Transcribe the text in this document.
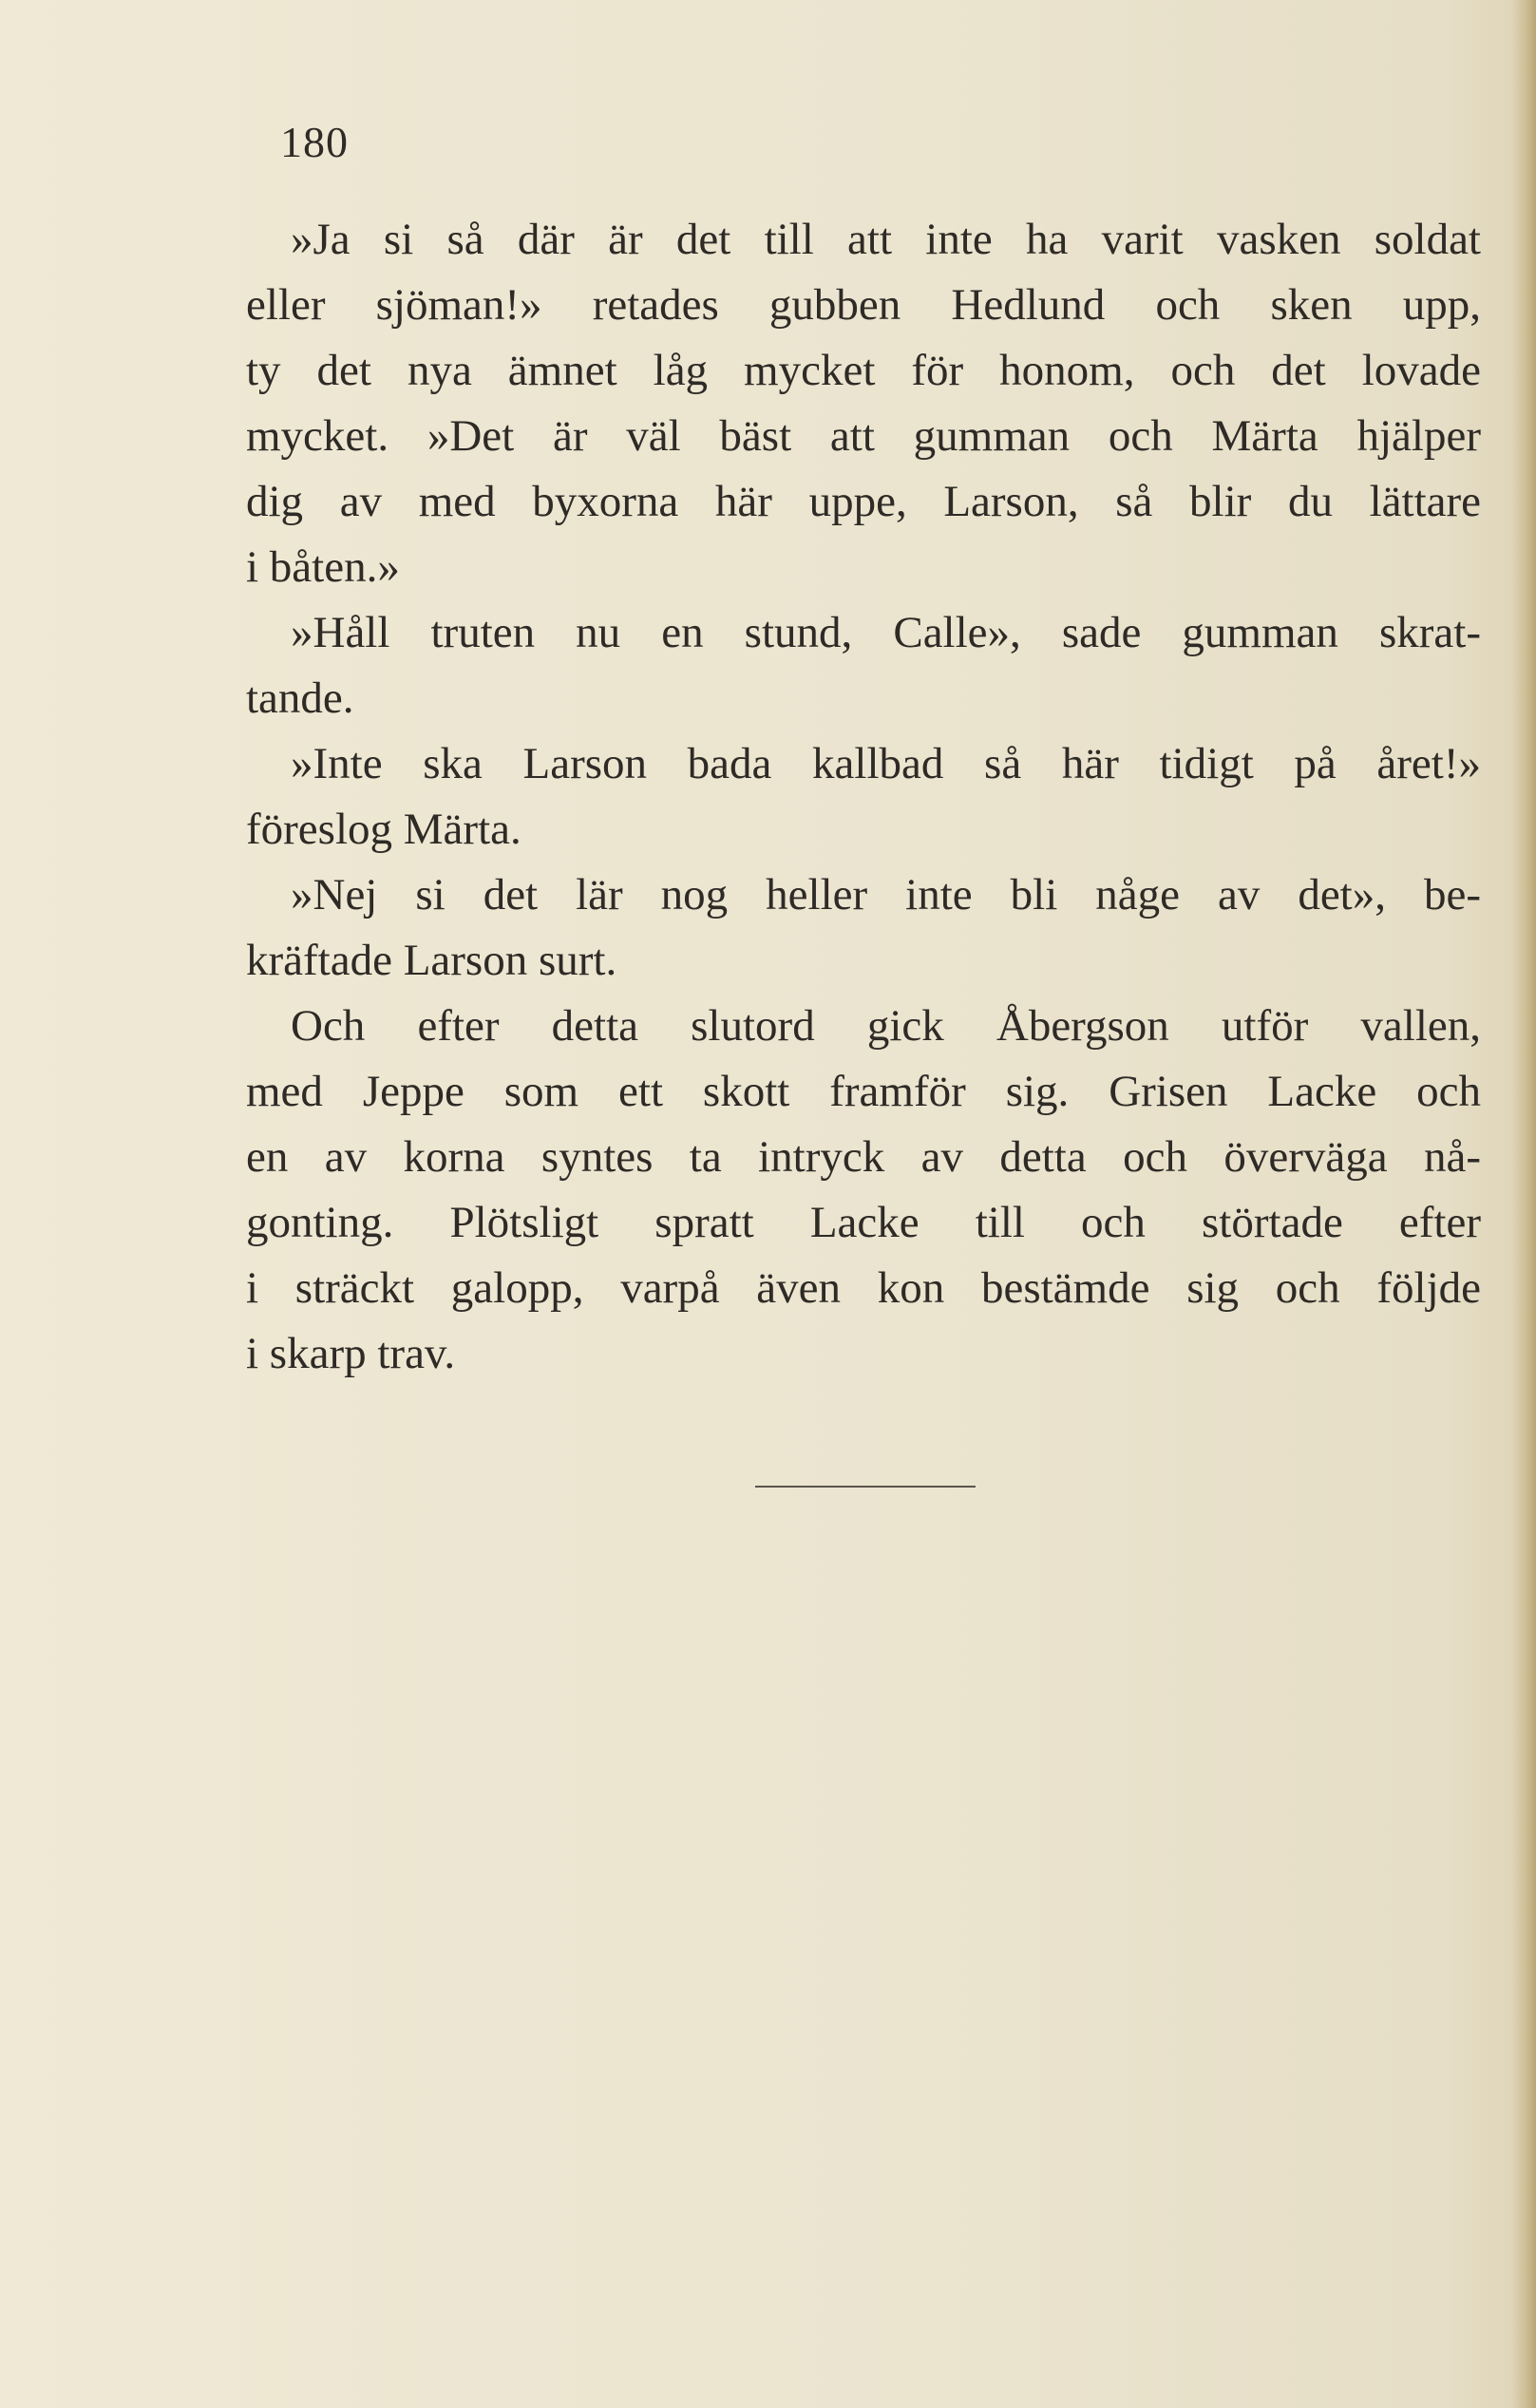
180
»Ja si så där är det till att inte ha varit vasken soldat
eller sjöman!» retades gubben Hedlund och sken upp,
ty det nya ämnet låg mycket för honom, och det lovade
mycket. »Det är väl bäst att gumman och Märta hjälper
dig av med byxorna här uppe, Larson, så blir du lättare
i båten.»
»Håll truten nu en stund, Calle», sade gumman skrat-
tande.
»Inte ska Larson bada kallbad så här tidigt på året!»
föreslog Märta.
»Nej si det lär nog heller inte bli någe av det», be-
kräftade Larson surt.
Och efter detta slutord gick Åbergson utför vallen,
med Jeppe som ett skott framför sig. Grisen Lacke och
en av korna syntes ta intryck av detta och överväga nå-
gonting. Plötsligt spratt Lacke till och störtade efter
i sträckt galopp, varpå även kon bestämde sig och följde
i skarp trav.
